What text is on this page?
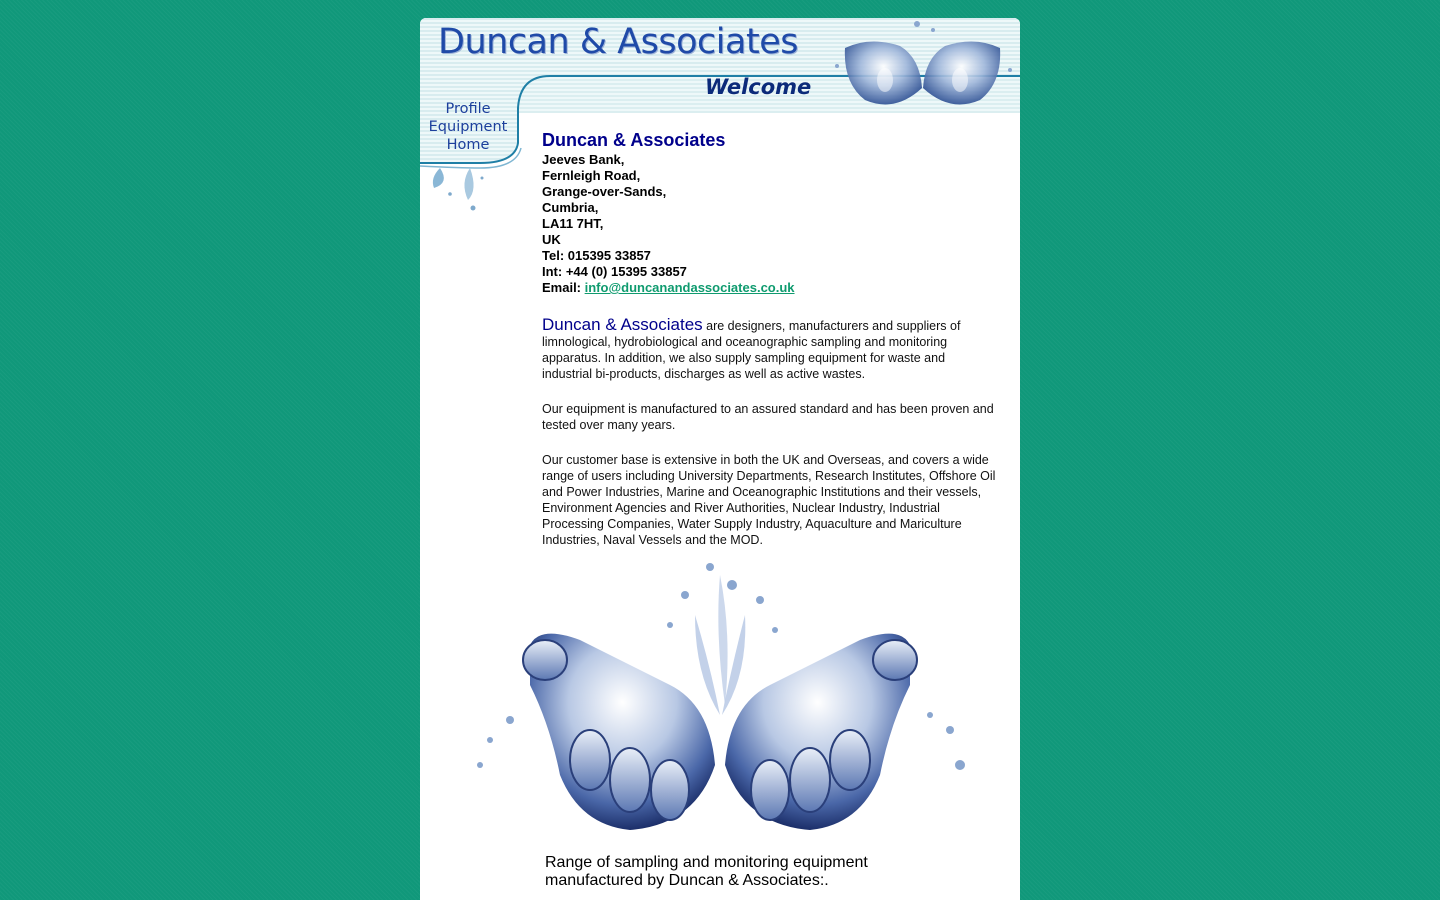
Duncan & Associates
Welcome
Profile
Equipment
Home	Duncan & Associates
Jeeves Bank,
Fernleigh Road,
Grange-over-Sands,
Cumbria,
LA11 7HT,
UK
Tel: 015395 33857
Int: +44 (0) 15395 33857
Email: info@duncanandassociates.co.uk

Duncan & Associates are designers, manufacturers and suppliers of limnological, hydrobiological and oceanographic sampling and monitoring apparatus. In addition, we also supply sampling equipment for waste and industrial bi-products, discharges as well as active wastes.

Our equipment is manufactured to an assured standard and has been proven and tested over many years.

Our customer base is extensive in both the UK and Overseas, and covers a wide range of users including University Departments, Research Institutes, Offshore Oil and Power Industries, Marine and Oceanographic Institutions and their vessels, Environment Agencies and River Authorities, Nuclear Industry, Industrial Processing Companies, Water Supply Industry, Aquaculture and Mariculture Industries, Naval Vessels and the MOD.

Range of sampling and monitoring equipment
manufactured by Duncan & Associates:.
